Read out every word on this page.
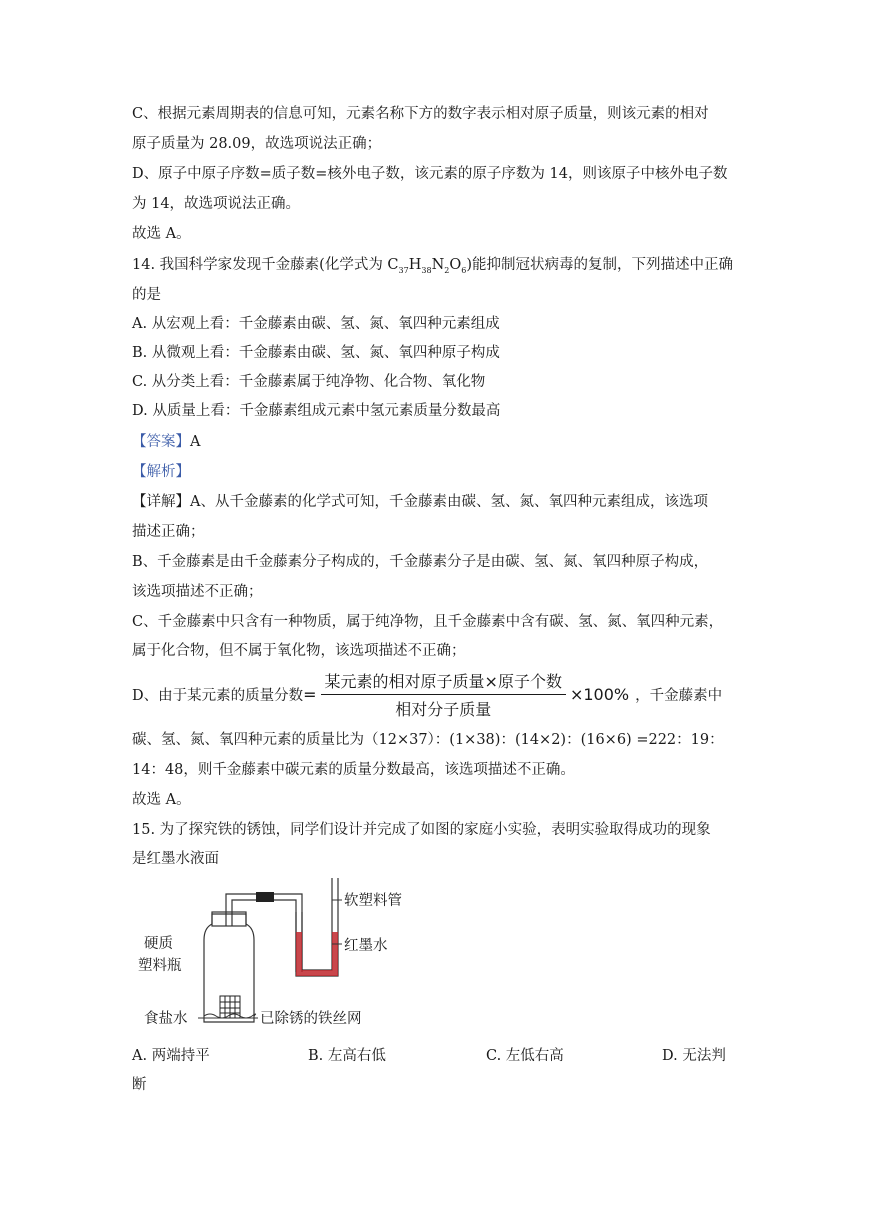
C、根据元素周期表的信息可知，元素名称下方的数字表示相对原子质量，则该元素的相对
原子质量为 28.09，故选项说法正确；
D、原子中原子序数=质子数=核外电子数，该元素的原子序数为 14，则该原子中核外电子数
为 14，故选项说法正确。
故选 A。
14. 我国科学家发现千金藤素(化学式为 $C_{37}H_{38}N_2O_6$)能抑制冠状病毒的复制，下列描述中正确
的是
A. 从宏观上看：千金藤素由碳、氢、氮、氧四种元素组成
B. 从微观上看：千金藤素由碳、氢、氮、氧四种原子构成
C. 从分类上看：千金藤素属于纯净物、化合物、氧化物
D. 从质量上看：千金藤素组成元素中氢元素质量分数最高
【答案】A
【解析】
【详解】A、从千金藤素的化学式可知，千金藤素由碳、氢、氮、氧四种元素组成，该选项
描述正确；
B、千金藤素是由千金藤素分子构成的，千金藤素分子是由碳、氢、氮、氧四种原子构成，
该选项描述不正确；
C、千金藤素中只含有一种物质，属于纯净物，且千金藤素中含有碳、氢、氮、氧四种元素，
属于化合物，但不属于氧化物，该选项描述不正确；
D、由于某元素的质量分数 = $\frac{\text{某元素的相对原子质量×原子个数}}{\text{相对分子质量}} \times 100\%$ ，千金藤素中
碳、氢、氮、氧四种元素的质量比为（12×37）：(1×38)：(14×2)：(16×6) =222：19：
14：48，则千金藤素中碳元素的质量分数最高，该选项描述不正确。
故选 A。
15. 为了探究铁的锈蚀，同学们设计并完成了如图的家庭小实验，表明实验取得成功的现象
是红墨水液面
软塑料管
红墨水
硬质
塑料瓶
食盐水	已除锈的铁丝网
A. 两端持平	B. 左高右低	C. 左低右高	D. 无法判
断
